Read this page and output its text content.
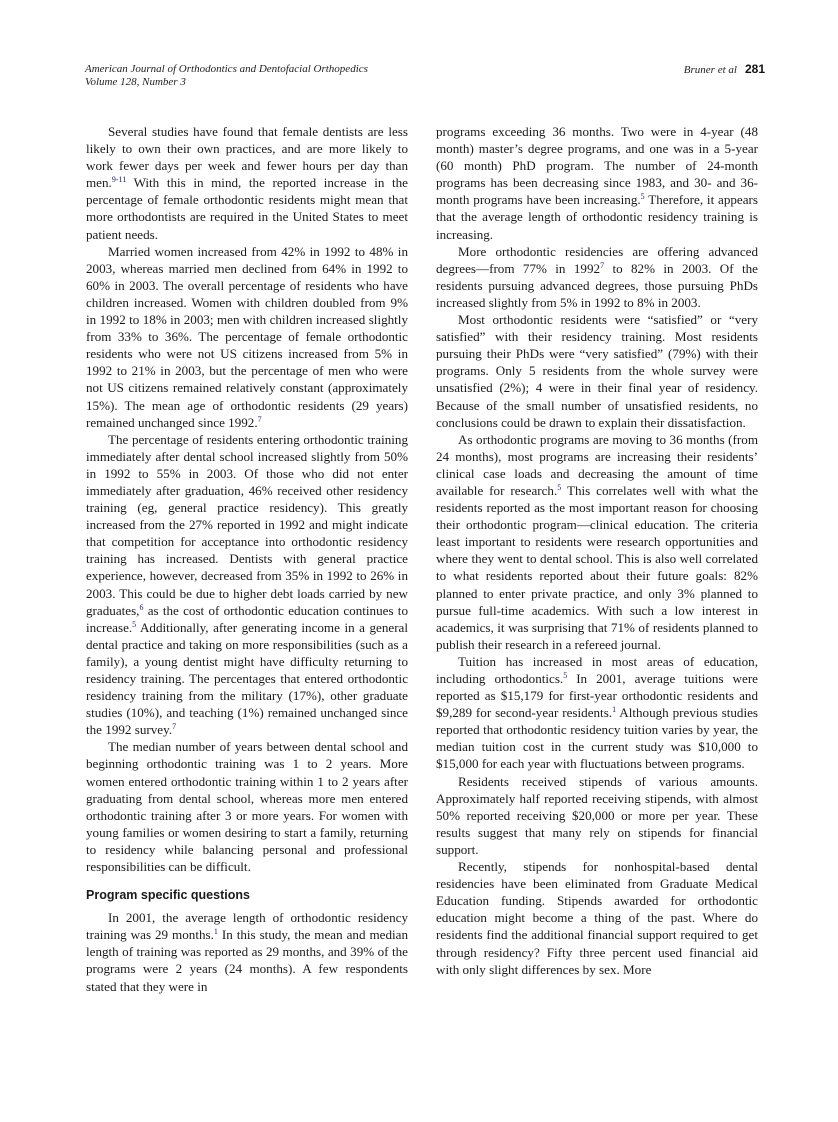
American Journal of Orthodontics and Dentofacial Orthopedics
Volume 128, Number 3
Bruner et al 281

Several studies have found that female dentists are less likely to own their own practices, and are more likely to work fewer days per week and fewer hours per day than men.$^{9-11}$ With this in mind, the reported increase in the percentage of female orthodontic residents might mean that more orthodontists are required in the United States to meet patient needs.

Married women increased from 42% in 1992 to 48% in 2003, whereas married men declined from 64% in 1992 to 60% in 2003. The overall percentage of residents who have children increased. Women with children doubled from 9% in 1992 to 18% in 2003; men with children increased slightly from 33% to 36%. The percentage of female orthodontic residents who were not US citizens increased from 5% in 1992 to 21% in 2003, but the percentage of men who were not US citizens remained relatively constant (approximately 15%). The mean age of orthodontic residents (29 years) remained unchanged since 1992.$^7$

The percentage of residents entering orthodontic training immediately after dental school increased slightly from 50% in 1992 to 55% in 2003. Of those who did not enter immediately after graduation, 46% received other residency training (eg, general practice residency). This greatly increased from the 27% reported in 1992 and might indicate that competition for acceptance into orthodontic residency training has increased. Dentists with general practice experience, however, decreased from 35% in 1992 to 26% in 2003. This could be due to higher debt loads carried by new graduates,$^6$ as the cost of orthodontic education continues to increase.$^5$ Additionally, after generating income in a general dental practice and taking on more responsibilities (such as a family), a young dentist might have difficulty returning to residency training. The percentages that entered orthodontic residency training from the military (17%), other graduate studies (10%), and teaching (1%) remained unchanged since the 1992 survey.$^7$

The median number of years between dental school and beginning orthodontic training was 1 to 2 years. More women entered orthodontic training within 1 to 2 years after graduating from dental school, whereas more men entered orthodontic training after 3 or more years. For women with young families or women desiring to start a family, returning to residency while balancing personal and professional responsibilities can be difficult.

Program specific questions

In 2001, the average length of orthodontic residency training was 29 months.$^1$ In this study, the mean and median length of training was reported as 29 months, and 39% of the programs were 2 years (24 months). A few respondents stated that they were in

programs exceeding 36 months. Two were in 4-year (48 month) master’s degree programs, and one was in a 5-year (60 month) PhD program. The number of 24-month programs has been decreasing since 1983, and 30- and 36-month programs have been increasing.$^5$ Therefore, it appears that the average length of orthodontic residency training is increasing.

More orthodontic residencies are offering advanced degrees—from 77% in 1992$^7$ to 82% in 2003. Of the residents pursuing advanced degrees, those pursuing PhDs increased slightly from 5% in 1992 to 8% in 2003.

Most orthodontic residents were “satisfied” or “very satisfied” with their residency training. Most residents pursuing their PhDs were “very satisfied” (79%) with their programs. Only 5 residents from the whole survey were unsatisfied (2%); 4 were in their final year of residency. Because of the small number of unsatisfied residents, no conclusions could be drawn to explain their dissatisfaction.

As orthodontic programs are moving to 36 months (from 24 months), most programs are increasing their residents’ clinical case loads and decreasing the amount of time available for research.$^5$ This correlates well with what the residents reported as the most important reason for choosing their orthodontic program—clinical education. The criteria least important to residents were research opportunities and where they went to dental school. This is also well correlated to what residents reported about their future goals: 82% planned to enter private practice, and only 3% planned to pursue full-time academics. With such a low interest in academics, it was surprising that 71% of residents planned to publish their research in a refereed journal.

Tuition has increased in most areas of education, including orthodontics.$^5$ In 2001, average tuitions were reported as $15,179 for first-year orthodontic residents and $9,289 for second-year residents.$^1$ Although previous studies reported that orthodontic residency tuition varies by year, the median tuition cost in the current study was $10,000 to $15,000 for each year with fluctuations between programs.

Residents received stipends of various amounts. Approximately half reported receiving stipends, with almost 50% reported receiving $20,000 or more per year. These results suggest that many rely on stipends for financial support.

Recently, stipends for nonhospital-based dental residencies have been eliminated from Graduate Medical Education funding. Stipends awarded for orthodontic education might become a thing of the past. Where do residents find the additional financial support required to get through residency? Fifty three percent used financial aid with only slight differences by sex. More
